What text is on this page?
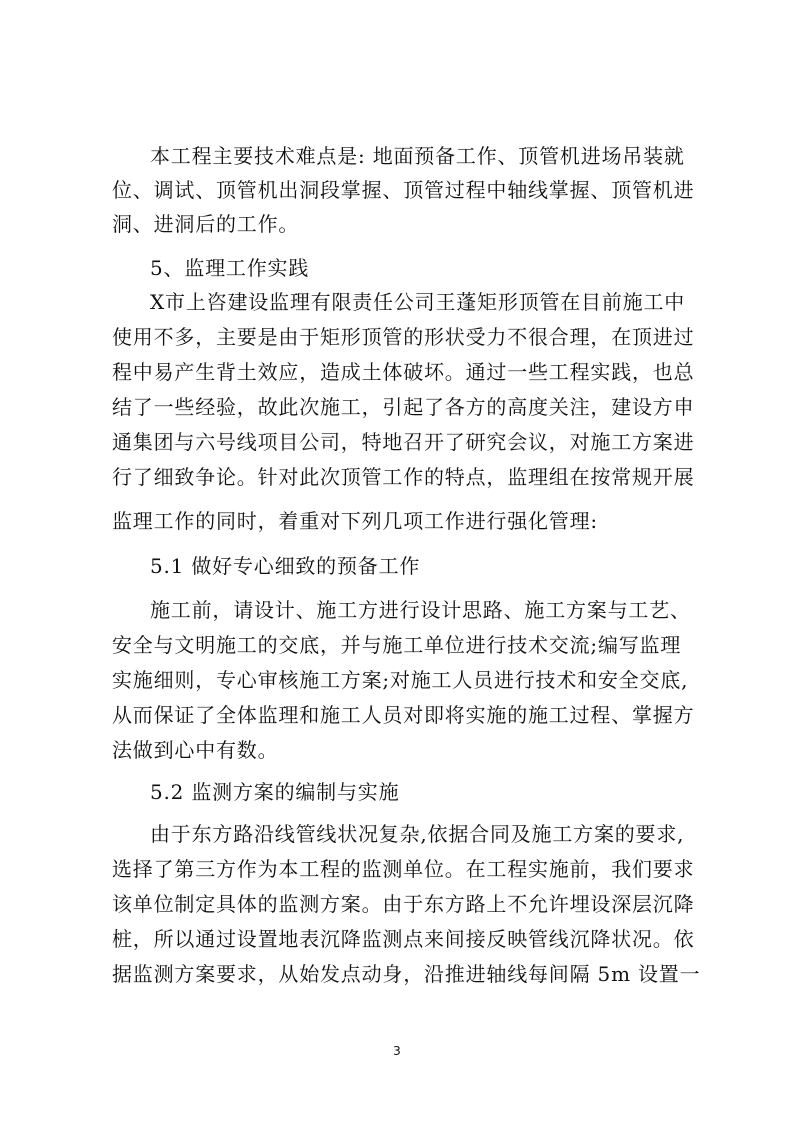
本工程主要技术难点是: 地面预备工作、顶管机进场吊装就
位、调试、顶管机出洞段掌握、顶管过程中轴线掌握、顶管机进
洞、进洞后的工作。
5、监理工作实践
X市上咨建设监理有限责任公司王蓬矩形顶管在目前施工中
使用不多，主要是由于矩形顶管的形状受力不很合理，在顶进过
程中易产生背土效应，造成土体破坏。通过一些工程实践，也总
结了一些经验，故此次施工，引起了各方的高度关注，建设方申
通集团与六号线项目公司，特地召开了研究会议，对施工方案进
行了细致争论。针对此次顶管工作的特点，监理组在按常规开展
监理工作的同时，着重对下列几项工作进行强化管理:
5.1 做好专心细致的预备工作
施工前，请设计、施工方进行设计思路、施工方案与工艺、
安全与文明施工的交底，并与施工单位进行技术交流;编写监理
实施细则，专心审核施工方案;对施工人员进行技术和安全交底,
从而保证了全体监理和施工人员对即将实施的施工过程、掌握方
法做到心中有数。
5.2 监测方案的编制与实施
由于东方路沿线管线状况复杂,依据合同及施工方案的要求,
选择了第三方作为本工程的监测单位。在工程实施前，我们要求
该单位制定具体的监测方案。由于东方路上不允许埋设深层沉降
桩，所以通过设置地表沉降监测点来间接反映管线沉降状况。依
据监测方案要求，从始发点动身，沿推进轴线每间隔 5m 设置一
3
